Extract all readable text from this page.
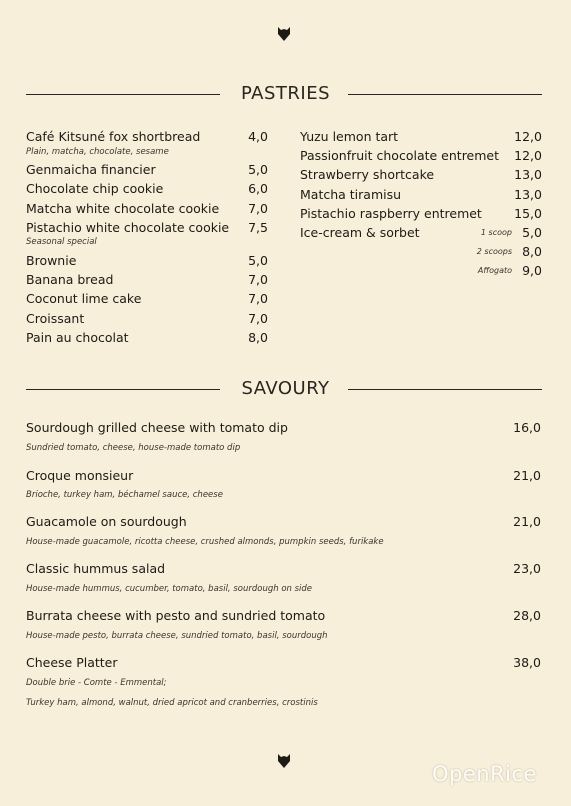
PASTRIES
Café Kitsuné fox shortbread	4,0
Plain, matcha, chocolate, sesame
Genmaicha financier	5,0
Chocolate chip cookie	6,0
Matcha white chocolate cookie 7,0
Pistachio white chocolate cookie 7,5
Seasonal special
Brownie	5,0
Banana bread	7,0
Coconut lime cake	7,0
Croissant	7,0
Pain au chocolat	8,0
Yuzu lemon tart	12,0
Passionfruit chocolate entremet 12,0
Strawberry shortcake	13,0
Matcha tiramisu	13,0
Pistachio raspberry entremet	15,0
Ice-cream & sorbet	1 scoop 5,0
2 scoops 8,0
Affogato 9,0
SAVOURY
Sourdough grilled cheese with tomato dip	16,0
Sundried tomato, cheese, house-made tomato dip
Croque monsieur	21,0
Brioche, turkey ham, béchamel sauce, cheese
Guacamole on sourdough	21,0
House-made guacamole, ricotta cheese, crushed almonds, pumpkin seeds, furikake
Classic hummus salad	23,0
House-made hummus, cucumber, tomato, basil, sourdough on side
Burrata cheese with pesto and sundried tomato	28,0
House-made pesto, burrata cheese, sundried tomato, basil, sourdough
Cheese Platter	38,0
Double brie - Comte - Emmental;
Turkey ham, almond, walnut, dried apricot and cranberries, crostinis
OpenRice
